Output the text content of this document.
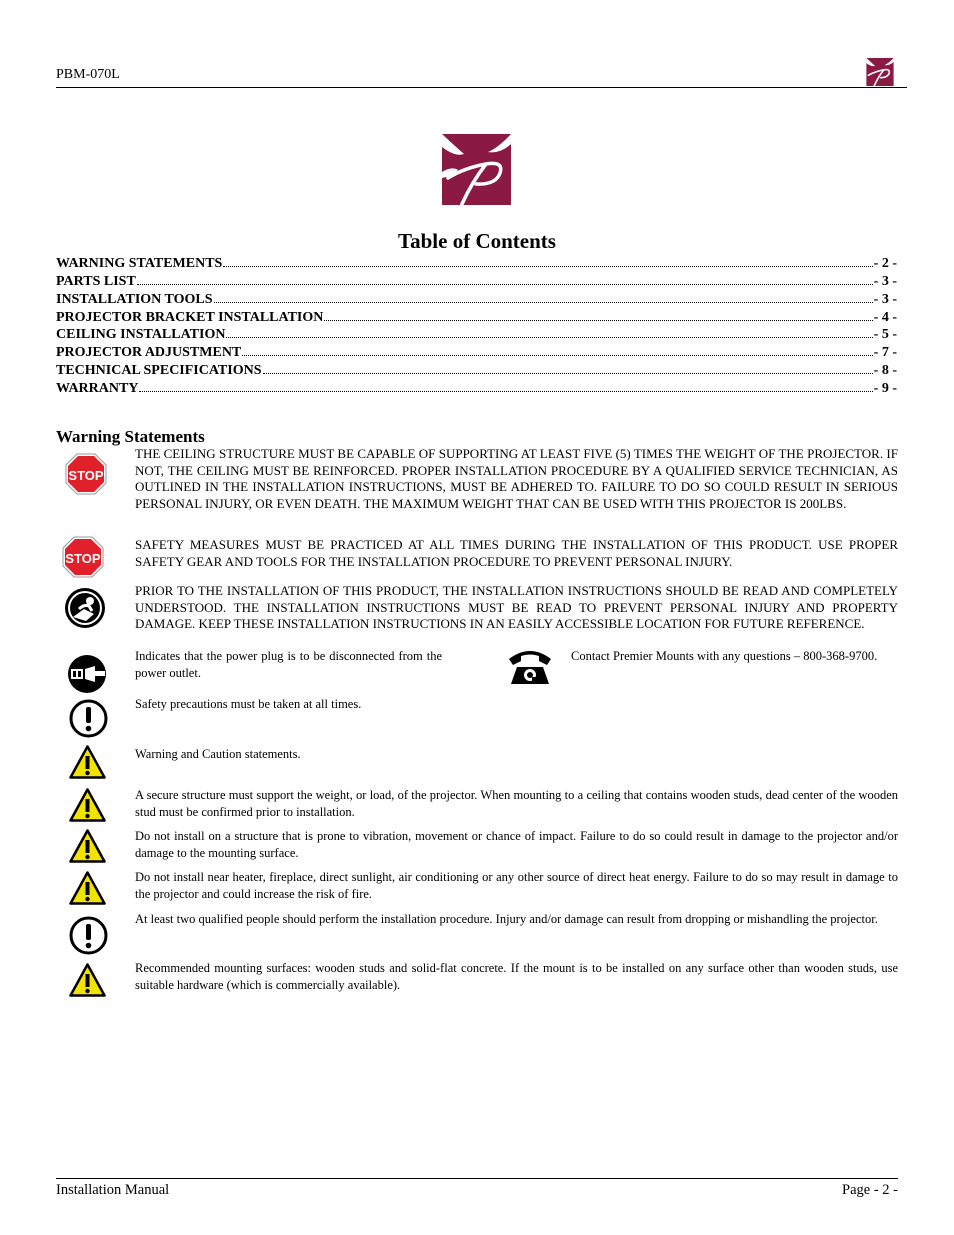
PBM-070L
Table of Contents
WARNING STATEMENTS	- 2 -
PARTS LIST	- 3 -
INSTALLATION TOOLS	- 3 -
PROJECTOR BRACKET INSTALLATION	- 4 -
CEILING INSTALLATION	- 5 -
PROJECTOR ADJUSTMENT	- 7 -
TECHNICAL SPECIFICATIONS	- 8 -
WARRANTY	- 9 -
Warning Statements
STOP
THE CEILING STRUCTURE MUST BE CAPABLE OF SUPPORTING AT LEAST FIVE (5) TIMES THE WEIGHT OF THE PROJECTOR. IF NOT, THE CEILING MUST BE REINFORCED. PROPER INSTALLATION PROCEDURE BY A QUALIFIED SERVICE TECHNICIAN, AS OUTLINED IN THE INSTALLATION INSTRUCTIONS, MUST BE ADHERED TO. FAILURE TO DO SO COULD RESULT IN SERIOUS PERSONAL INJURY, OR EVEN DEATH. THE MAXIMUM WEIGHT THAT CAN BE USED WITH THIS PROJECTOR IS 200LBS.
STOP
SAFETY MEASURES MUST BE PRACTICED AT ALL TIMES DURING THE INSTALLATION OF THIS PRODUCT. USE PROPER SAFETY GEAR AND TOOLS FOR THE INSTALLATION PROCEDURE TO PREVENT PERSONAL INJURY.
PRIOR TO THE INSTALLATION OF THIS PRODUCT, THE INSTALLATION INSTRUCTIONS SHOULD BE READ AND COMPLETELY UNDERSTOOD. THE INSTALLATION INSTRUCTIONS MUST BE READ TO PREVENT PERSONAL INJURY AND PROPERTY DAMAGE. KEEP THESE INSTALLATION INSTRUCTIONS IN AN EASILY ACCESSIBLE LOCATION FOR FUTURE REFERENCE.
Indicates that the power plug is to be disconnected from the power outlet.
Contact Premier Mounts with any questions – 800-368-9700.
Safety precautions must be taken at all times.
Warning and Caution statements.
A secure structure must support the weight, or load, of the projector. When mounting to a ceiling that contains wooden studs, dead center of the wooden stud must be confirmed prior to installation.
Do not install on a structure that is prone to vibration, movement or chance of impact. Failure to do so could result in damage to the projector and/or damage to the mounting surface.
Do not install near heater, fireplace, direct sunlight, air conditioning or any other source of direct heat energy. Failure to do so may result in damage to the projector and could increase the risk of fire.
At least two qualified people should perform the installation procedure. Injury and/or damage can result from dropping or mishandling the projector.
Recommended mounting surfaces: wooden studs and solid-flat concrete. If the mount is to be installed on any surface other than wooden studs, use suitable hardware (which is commercially available).
Installation Manual	Page - 2 -
